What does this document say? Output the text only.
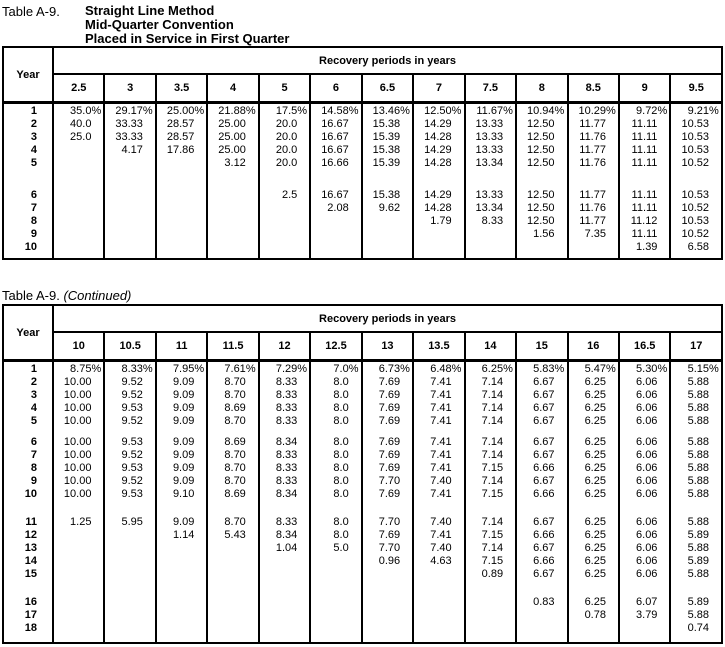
Table A-9.	Straight Line Method
Mid-Quarter Convention
Placed in Service in First Quarter
Year	Recovery periods in years												
	2.5	3	3.5	4	5	6	6.5	7	7.5	8	8.5	9	9.5

1	35.0%	29.17%	25.00%	21.88%	17.5%	14.58%	13.46%	12.50%	11.67%	10.94%	10.29%	9.72%	9.21%
2	40.0	33.33	28.57	25.00	20.0	16.67	15.38	14.29	13.33	12.50	11.77	11.11	10.53
3	25.0	33.33	28.57	25.00	20.0	16.67	15.39	14.28	13.33	12.50	11.76	11.11	10.53
4		4.17	17.86	25.00	20.0	16.67	15.38	14.29	13.33	12.50	11.77	11.11	10.53
5				3.12	20.0	16.66	15.39	14.28	13.34	12.50	11.76	11.11	10.52

6					2.5	16.67	15.38	14.29	13.33	12.50	11.77	11.11	10.53
7						2.08	9.62	14.28	13.34	12.50	11.76	11.11	10.52
8								1.79	8.33	12.50	11.77	11.12	10.53
9										1.56	7.35	11.11	10.52
10												1.39	6.58

Table A-9. (Continued)
Year	Recovery periods in years												
	10	10.5	11	11.5	12	12.5	13	13.5	14	15	16	16.5	17

1	8.75%	8.33%	7.95%	7.61%	7.29%	7.0%	6.73%	6.48%	6.25%	5.83%	5.47%	5.30%	5.15%
2	10.00	9.52	9.09	8.70	8.33	8.0	7.69	7.41	7.14	6.67	6.25	6.06	5.88
3	10.00	9.52	9.09	8.70	8.33	8.0	7.69	7.41	7.14	6.67	6.25	6.06	5.88
4	10.00	9.53	9.09	8.69	8.33	8.0	7.69	7.41	7.14	6.67	6.25	6.06	5.88
5	10.00	9.52	9.09	8.70	8.33	8.0	7.69	7.41	7.14	6.67	6.25	6.06	5.88

6	10.00	9.53	9.09	8.69	8.34	8.0	7.69	7.41	7.14	6.67	6.25	6.06	5.88
7	10.00	9.52	9.09	8.70	8.33	8.0	7.69	7.41	7.14	6.67	6.25	6.06	5.88
8	10.00	9.53	9.09	8.70	8.33	8.0	7.69	7.41	7.15	6.66	6.25	6.06	5.88
9	10.00	9.52	9.09	8.70	8.33	8.0	7.70	7.40	7.14	6.67	6.25	6.06	5.88
10	10.00	9.53	9.10	8.69	8.34	8.0	7.69	7.41	7.15	6.66	6.25	6.06	5.88

11	1.25	5.95	9.09	8.70	8.33	8.0	7.70	7.40	7.14	6.67	6.25	6.06	5.88
12			1.14	5.43	8.34	8.0	7.69	7.41	7.15	6.66	6.25	6.06	5.89
13					1.04	5.0	7.70	7.40	7.14	6.67	6.25	6.06	5.88
14							0.96	4.63	7.15	6.66	6.25	6.06	5.89
15									0.89	6.67	6.25	6.06	5.88

16										0.83	6.25	6.07	5.89
17											0.78	3.79	5.88
18													0.74
